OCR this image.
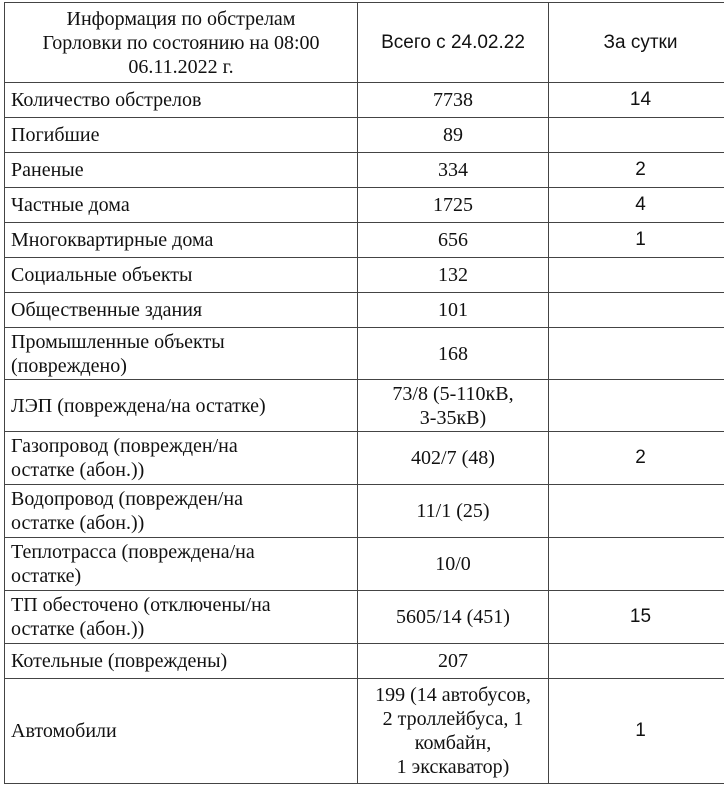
Информация по обстрелам
Горловки по состоянию на 08:00
06.11.2022 г.	Всего с 24.02.22	За сутки
Количество обстрелов	7738	14
Погибшие	89	
Раненые	334	2
Частные дома	1725	4
Многоквартирные дома	656	1
Социальные объекты	132	
Общественные здания	101	
Промышленные объекты
(повреждено)	168	
ЛЭП (повреждена/на остатке)	73/8 (5-110кВ,
3-35кВ)	
Газопровод (поврежден/на
остатке (абон.))	402/7 (48)	2
Водопровод (поврежден/на
остатке (абон.))	11/1 (25)	
Теплотрасса (повреждена/на
остатке)	10/0	
ТП обесточено (отключены/на
остатке (абон.))	5605/14 (451)	15
Котельные (повреждены)	207	
Автомобили	199 (14 автобусов,
2 троллейбуса, 1
комбайн,
1 экскаватор)	1
